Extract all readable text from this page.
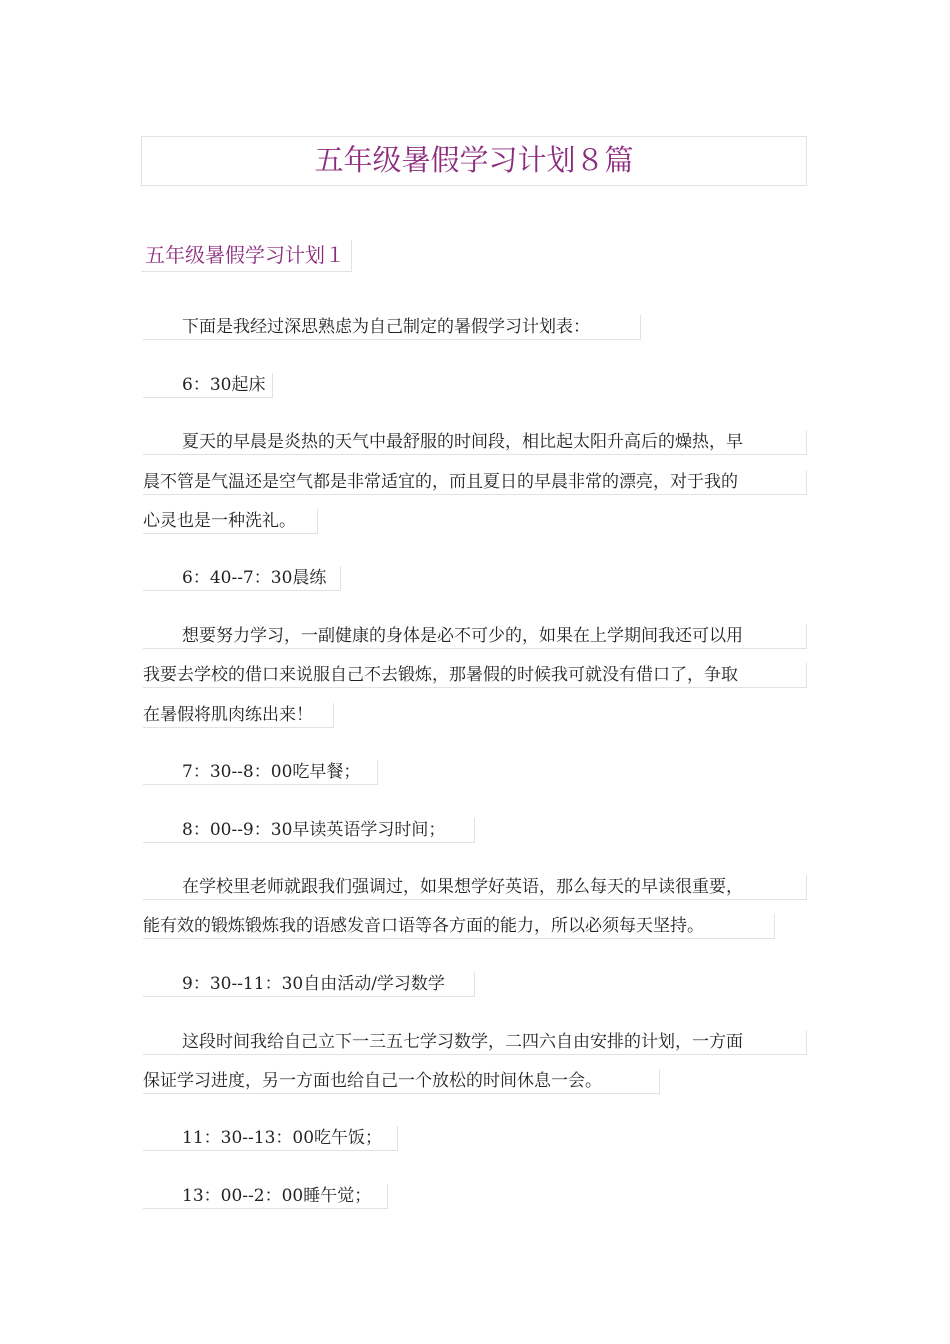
五年级暑假学习计划８篇
五年级暑假学习计划１
下面是我经过深思熟虑为自己制定的暑假学习计划表：
6：30起床
夏天的早晨是炎热的天气中最舒服的时间段，相比起太阳升高后的燥热，早
晨不管是气温还是空气都是非常适宜的，而且夏日的早晨非常的漂亮，对于我的
心灵也是一种洗礼。
6：40--7：30晨练
想要努力学习，一副健康的身体是必不可少的，如果在上学期间我还可以用
我要去学校的借口来说服自己不去锻炼，那暑假的时候我可就没有借口了，争取
在暑假将肌肉练出来！
7：30--8：00吃早餐；
8：00--9：30早读英语学习时间；
在学校里老师就跟我们强调过，如果想学好英语，那么每天的早读很重要，
能有效的锻炼锻炼我的语感发音口语等各方面的能力，所以必须每天坚持。
9：30--11：30自由活动/学习数学
这段时间我给自己立下一三五七学习数学，二四六自由安排的计划，一方面
保证学习进度，另一方面也给自己一个放松的时间休息一会。
11：30--13：00吃午饭；
13：00--2：00睡午觉；
